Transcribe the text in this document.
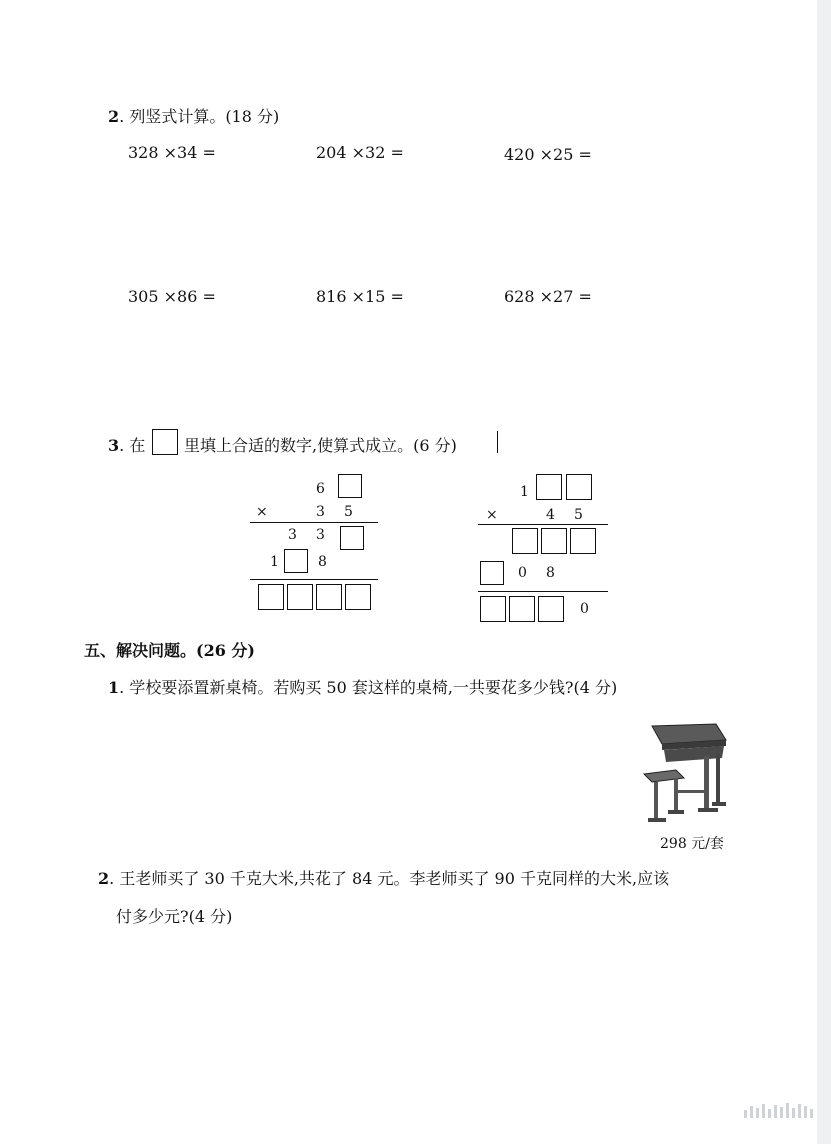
2. 列竖式计算。(18 分)
328 ×34 =	204 ×32 =	420 ×25 =
305 ×86 =	816 ×15 =	628 ×27 =
3. 在 里填上合适的数字,使算式成立。(6 分)
6
×	3 5
3 3
1	8
1
×	4 5
0 8
0
五、解决问题。(26 分)
1. 学校要添置新桌椅。若购买 50 套这样的桌椅,一共要花多少钱?(4 分)
298 元/套
2. 王老师买了 30 千克大米,共花了 84 元。李老师买了 90 千克同样的大米,应该
付多少元?(4 分)
